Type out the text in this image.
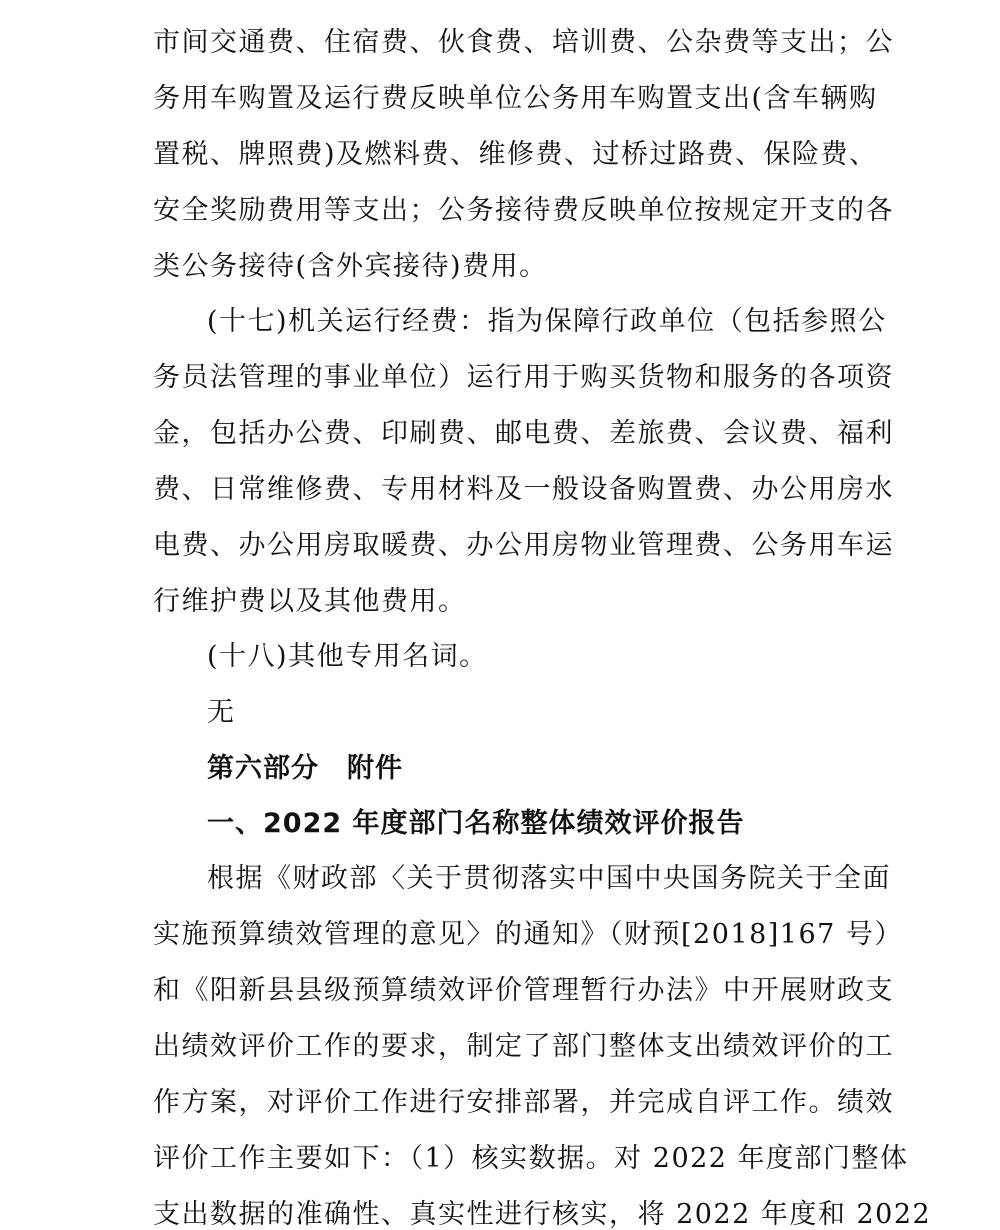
市间交通费、住宿费、伙食费、培训费、公杂费等支出；公
务用车购置及运行费反映单位公务用车购置支出(含车辆购
置税、牌照费)及燃料费、维修费、过桥过路费、保险费、
安全奖励费用等支出；公务接待费反映单位按规定开支的各
类公务接待(含外宾接待)费用。
(十七)机关运行经费：指为保障行政单位（包括参照公
务员法管理的事业单位）运行用于购买货物和服务的各项资
金，包括办公费、印刷费、邮电费、差旅费、会议费、福利
费、日常维修费、专用材料及一般设备购置费、办公用房水
电费、办公用房取暖费、办公用房物业管理费、公务用车运
行维护费以及其他费用。
(十八)其他专用名词。
无
第六部分　附件
一、2022 年度部门名称整体绩效评价报告
根据《财政部〈关于贯彻落实中国中央国务院关于全面
实施预算绩效管理的意见〉的通知》（财预[2018]167 号）
和《阳新县县级预算绩效评价管理暂行办法》中开展财政支
出绩效评价工作的要求，制定了部门整体支出绩效评价的工
作方案，对评价工作进行安排部署，并完成自评工作。绩效
评价工作主要如下：（1）核实数据。对 2022 年度部门整体
支出数据的准确性、真实性进行核实，将 2022 年度和 2022
